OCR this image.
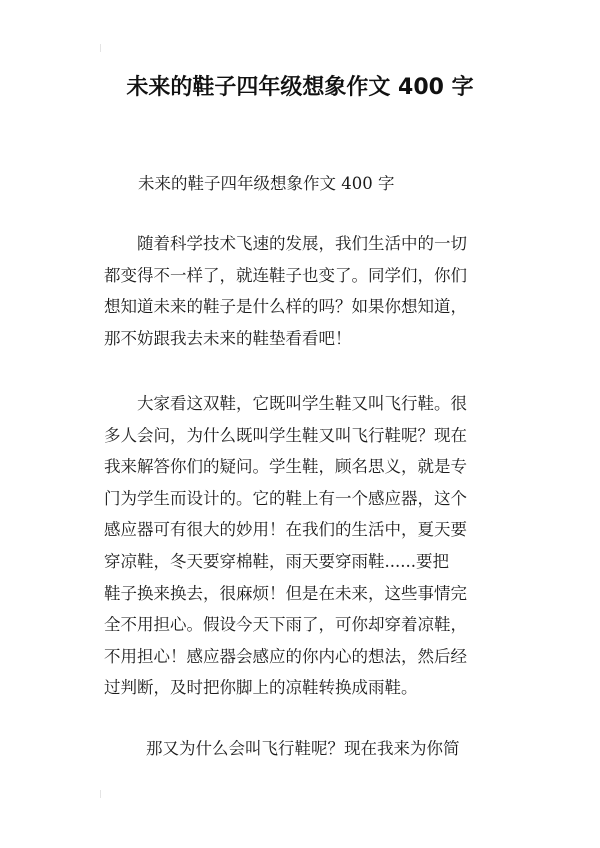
未来的鞋子四年级想象作文 400 字

未来的鞋子四年级想象作文 400 字

随着科学技术飞速的发展，我们生活中的一切
都变得不一样了，就连鞋子也变了。同学们，你们
想知道未来的鞋子是什么样的吗？如果你想知道，
那不妨跟我去未来的鞋垫看看吧！

大家看这双鞋，它既叫学生鞋又叫飞行鞋。很
多人会问，为什么既叫学生鞋又叫飞行鞋呢？现在
我来解答你们的疑问。学生鞋，顾名思义，就是专
门为学生而设计的。它的鞋上有一个感应器，这个
感应器可有很大的妙用！在我们的生活中，夏天要
穿凉鞋，冬天要穿棉鞋，雨天要穿雨鞋......要把
鞋子换来换去，很麻烦！但是在未来，这些事情完
全不用担心。假设今天下雨了，可你却穿着凉鞋，
不用担心！感应器会感应的你内心的想法，然后经
过判断，及时把你脚上的凉鞋转换成雨鞋。

那又为什么会叫飞行鞋呢？现在我来为你简
